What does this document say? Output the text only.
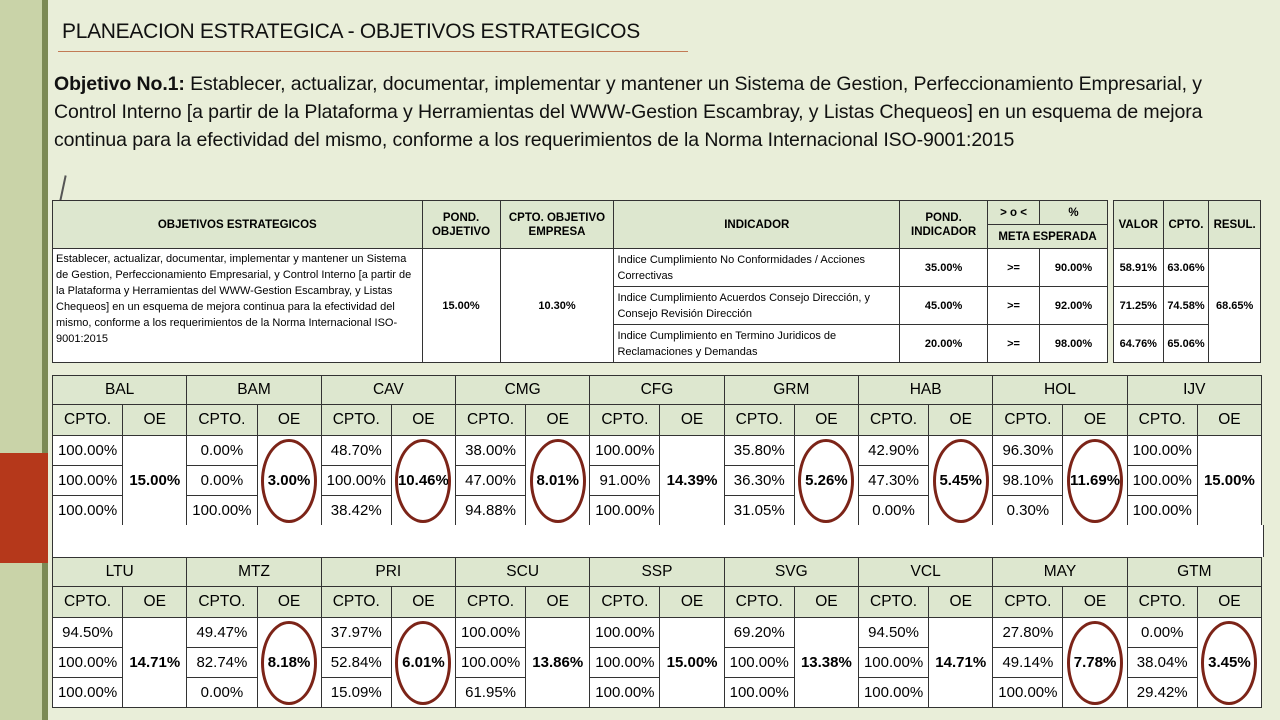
PLANEACION ESTRATEGICA - OBJETIVOS ESTRATEGICOS

Objetivo No.1: Establecer, actualizar, documentar, implementar y mantener un Sistema de Gestion, Perfeccionamiento Empresarial, y Control Interno [a partir de la Plataforma y Herramientas del WWW-Gestion Escambray, y Listas Chequeos] en un esquema de mejora continua para la efectividad del mismo, conforme a los requerimientos de la Norma Internacional ISO-9001:2015

OBJETIVOS ESTRATEGICOS	POND. OBJETIVO	CPTO. OBJETIVO EMPRESA	INDICADOR	POND. INDICADOR	> o <	%
					META ESPERADA	
Establecer, actualizar, documentar, implementar y mantener un Sistema de Gestion, Perfeccionamiento Empresarial, y Control Interno [a partir de la Plataforma y Herramientas del WWW-Gestion Escambray, y Listas Chequeos] en un esquema de mejora continua para la efectividad del mismo, conforme a los requerimientos de la Norma Internacional ISO-9001:2015	15.00%	10.30%	Indice Cumplimiento No Conformidades / Acciones Correctivas	35.00%	>=	90.00%
			Indice Cumplimiento Acuerdos Consejo Dirección, y Consejo Revisión Dirección	45.00%	>=	92.00%
			Indice Cumplimiento en Termino Juridicos de Reclamaciones y Demandas	20.00%	>=	98.00%
VALOR	CPTO.	RESUL.
58.91%	63.06%	68.65%
71.25%	74.58%	
64.76%	65.06%	
BAL		BAM		CAV		CMG		CFG		GRM		HAB		HOL		IJV	
CPTO.	OE	CPTO.	OE	CPTO.	OE	CPTO.	OE	CPTO.	OE	CPTO.	OE	CPTO.	OE	CPTO.	OE	CPTO.	OE
100.00%	15.00%	0.00%	3.00%	48.70%	10.46%	38.00%	8.01%	100.00%	14.39%	35.80%	5.26%	42.90%	5.45%	96.30%	11.69%	100.00%	15.00%
100.00%		0.00%		100.00%		47.00%		91.00%		36.30%		47.30%		98.10%		100.00%	
100.00%		100.00%		38.42%		94.88%		100.00%		31.05%		0.00%		0.30%		100.00%	
LTU		MTZ		PRI		SCU		SSP		SVG		VCL		MAY		GTM	
CPTO.	OE	CPTO.	OE	CPTO.	OE	CPTO.	OE	CPTO.	OE	CPTO.	OE	CPTO.	OE	CPTO.	OE	CPTO.	OE
94.50%	14.71%	49.47%	8.18%	37.97%	6.01%	100.00%	13.86%	100.00%	15.00%	69.20%	13.38%	94.50%	14.71%	27.80%	7.78%	0.00%	3.45%

100.00%		82.74%		52.84%		100.00%		100.00%		100.00%		100.00%		49.14%		38.04%	
100.00%		0.00%		15.09%		61.95%		100.00%		100.00%		100.00%		100.00%		29.42%	
